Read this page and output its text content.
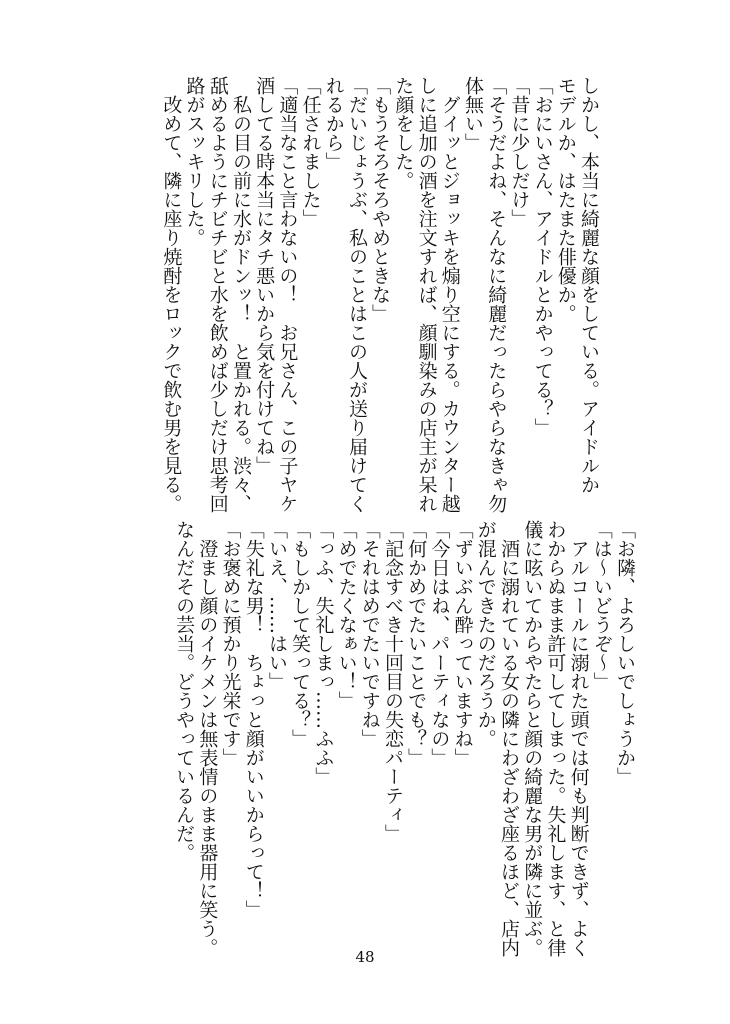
しかし、本当に綺麗な顔をしている。アイドルか
モデルか、はたまた俳優か。
「おにいさん、アイドルとかやってる？」
「昔に少しだけ」
「そうだよね、そんなに綺麗だったらやらなきゃ勿
体無い」
　グイッとジョッキを煽り空にする。カウンター越
しに追加の酒を注文すれば、顔馴染みの店主が呆れ
た顔をした。
「もうそろそろやめときな」
「だいじょうぶ、私のことはこの人が送り届けてく
れるから」
「任されました」
「適当なこと言わないの！　お兄さん、この子ヤケ
酒してる時本当にタチ悪いから気を付けてね」
　私の目の前に水がドンッ！　と置かれる。渋々、
舐めるようにチビチビと水を飲めば少しだけ思考回
路がスッキリした。
　改めて、隣に座り焼酎をロックで飲む男を見る。
「お隣、よろしいでしょうか」
「は～いどうぞ～」
　アルコールに溺れた頭では何も判断できず、よく
わからぬまま許可してしまった。失礼します、と律
儀に呟いてからやたらと顔の綺麗な男が隣に並ぶ。
　酒に溺れている女の隣にわざわざ座るほど、店内
が混んできたのだろうか。
「ずいぶん酔っていますね」
「今日はね、パーティなの」
「何かめでたいことでも？」
「記念すべき十回目の失恋パーティ」
「それはめでたいですね」
「めでたくなぁい！」
「っふ、失礼しまっ……ふふ」
「もしかして笑ってる？」
「いえ、……はい」
「失礼な男！　ちょっと顔がいいからって！」
「お褒めに預かり光栄です」
　澄まし顔のイケメンは無表情のまま器用に笑う。
なんだその芸当。どうやっているんだ。
48
